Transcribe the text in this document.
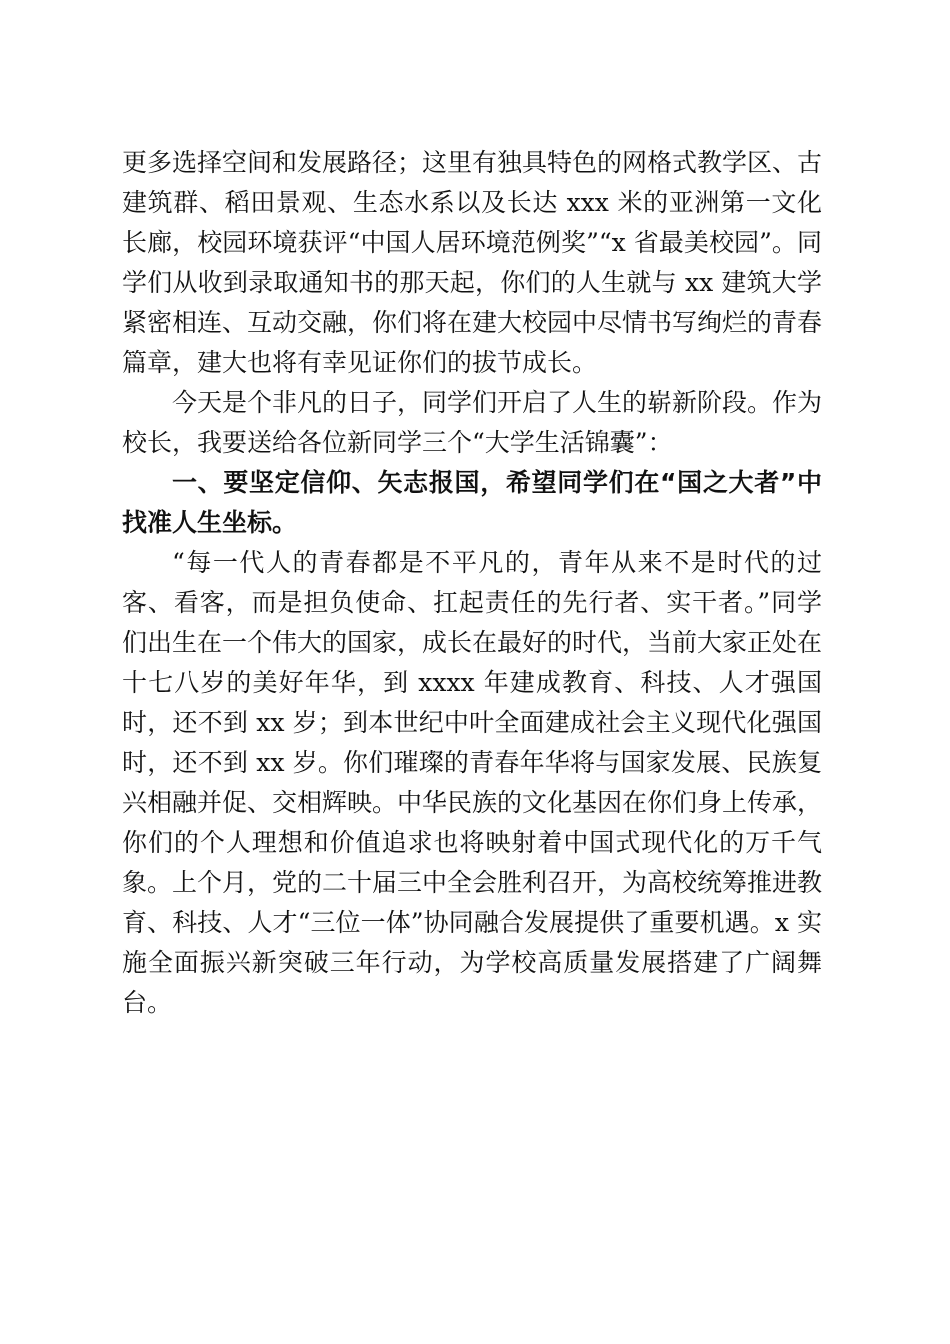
更多选择空间和发展路径；这里有独具特色的网格式教学区、古建筑群、稻田景观、生态水系以及长达 xxx 米的亚洲第一文化长廊，校园环境获评“中国人居环境范例奖”“x 省最美校园”。同学们从收到录取通知书的那天起，你们的人生就与 xx 建筑大学紧密相连、互动交融，你们将在建大校园中尽情书写绚烂的青春篇章，建大也将有幸见证你们的拔节成长。

今天是个非凡的日子，同学们开启了人生的崭新阶段。作为校长，我要送给各位新同学三个“大学生活锦囊”：

一、要坚定信仰、矢志报国，希望同学们在“国之大者”中找准人生坐标。

“每一代人的青春都是不平凡的，青年从来不是时代的过客、看客，而是担负使命、扛起责任的先行者、实干者。”同学们出生在一个伟大的国家，成长在最好的时代，当前大家正处在十七八岁的美好年华，到 xxxx 年建成教育、科技、人才强国时，还不到 xx 岁；到本世纪中叶全面建成社会主义现代化强国时，还不到 xx 岁。你们璀璨的青春年华将与国家发展、民族复兴相融并促、交相辉映。中华民族的文化基因在你们身上传承，你们的个人理想和价值追求也将映射着中国式现代化的万千气象。上个月，党的二十届三中全会胜利召开，为高校统筹推进教育、科技、人才“三位一体”协同融合发展提供了重要机遇。x 实施全面振兴新突破三年行动，为学校高质量发展搭建了广阔舞台。
